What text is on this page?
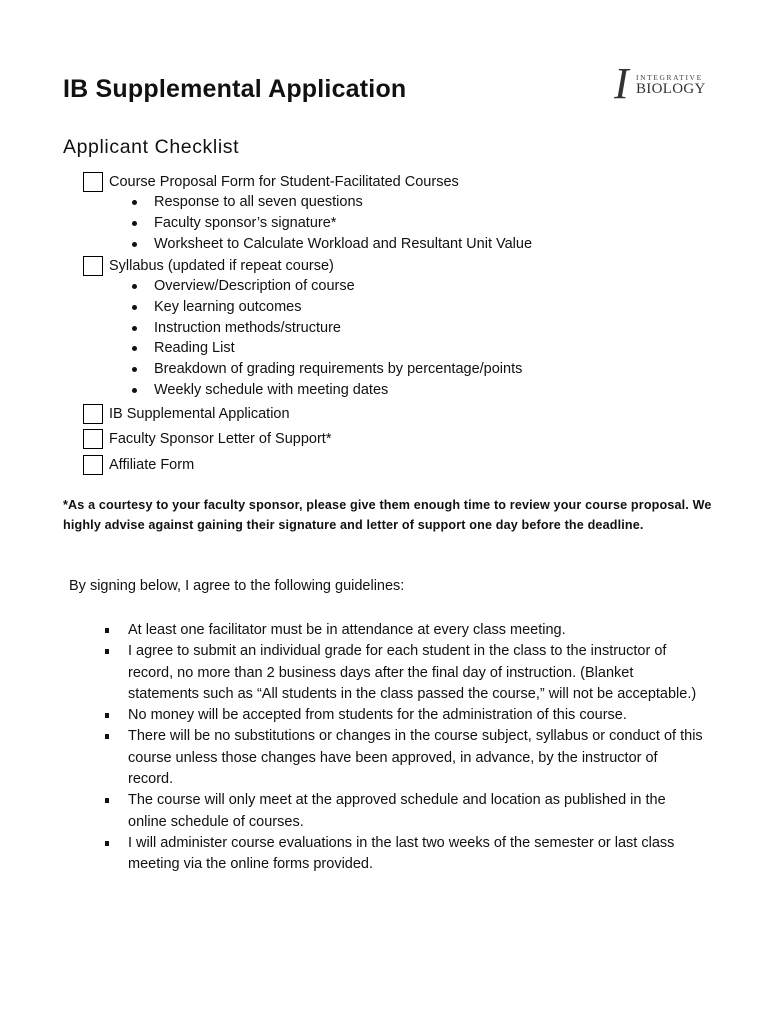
IB Supplemental Application	I INTEGRATIVE
BIOLOGY
Applicant Checklist
Course Proposal Form for Student-Facilitated Courses
Response to all seven questions
Faculty sponsor’s signature*
Worksheet to Calculate Workload and Resultant Unit Value
Syllabus (updated if repeat course)
Overview/Description of course
Key learning outcomes
Instruction methods/structure
Reading List
Breakdown of grading requirements by percentage/points
Weekly schedule with meeting dates
IB Supplemental Application
Faculty Sponsor Letter of Support*
Affiliate Form

*As a courtesy to your faculty sponsor, please give them enough time to review your course proposal. We highly advise against gaining their signature and letter of support one day before the deadline.

By signing below, I agree to the following guidelines:

At least one facilitator must be in attendance at every class meeting.
I agree to submit an individual grade for each student in the class to the instructor of record, no more than 2 business days after the final day of instruction. (Blanket statements such as “All students in the class passed the course,” will not be acceptable.)
No money will be accepted from students for the administration of this course.
There will be no substitutions or changes in the course subject, syllabus or conduct of this course unless those changes have been approved, in advance, by the instructor of record.
The course will only meet at the approved schedule and location as published in the online schedule of courses.
I will administer course evaluations in the last two weeks of the semester or last class meeting via the online forms provided.
